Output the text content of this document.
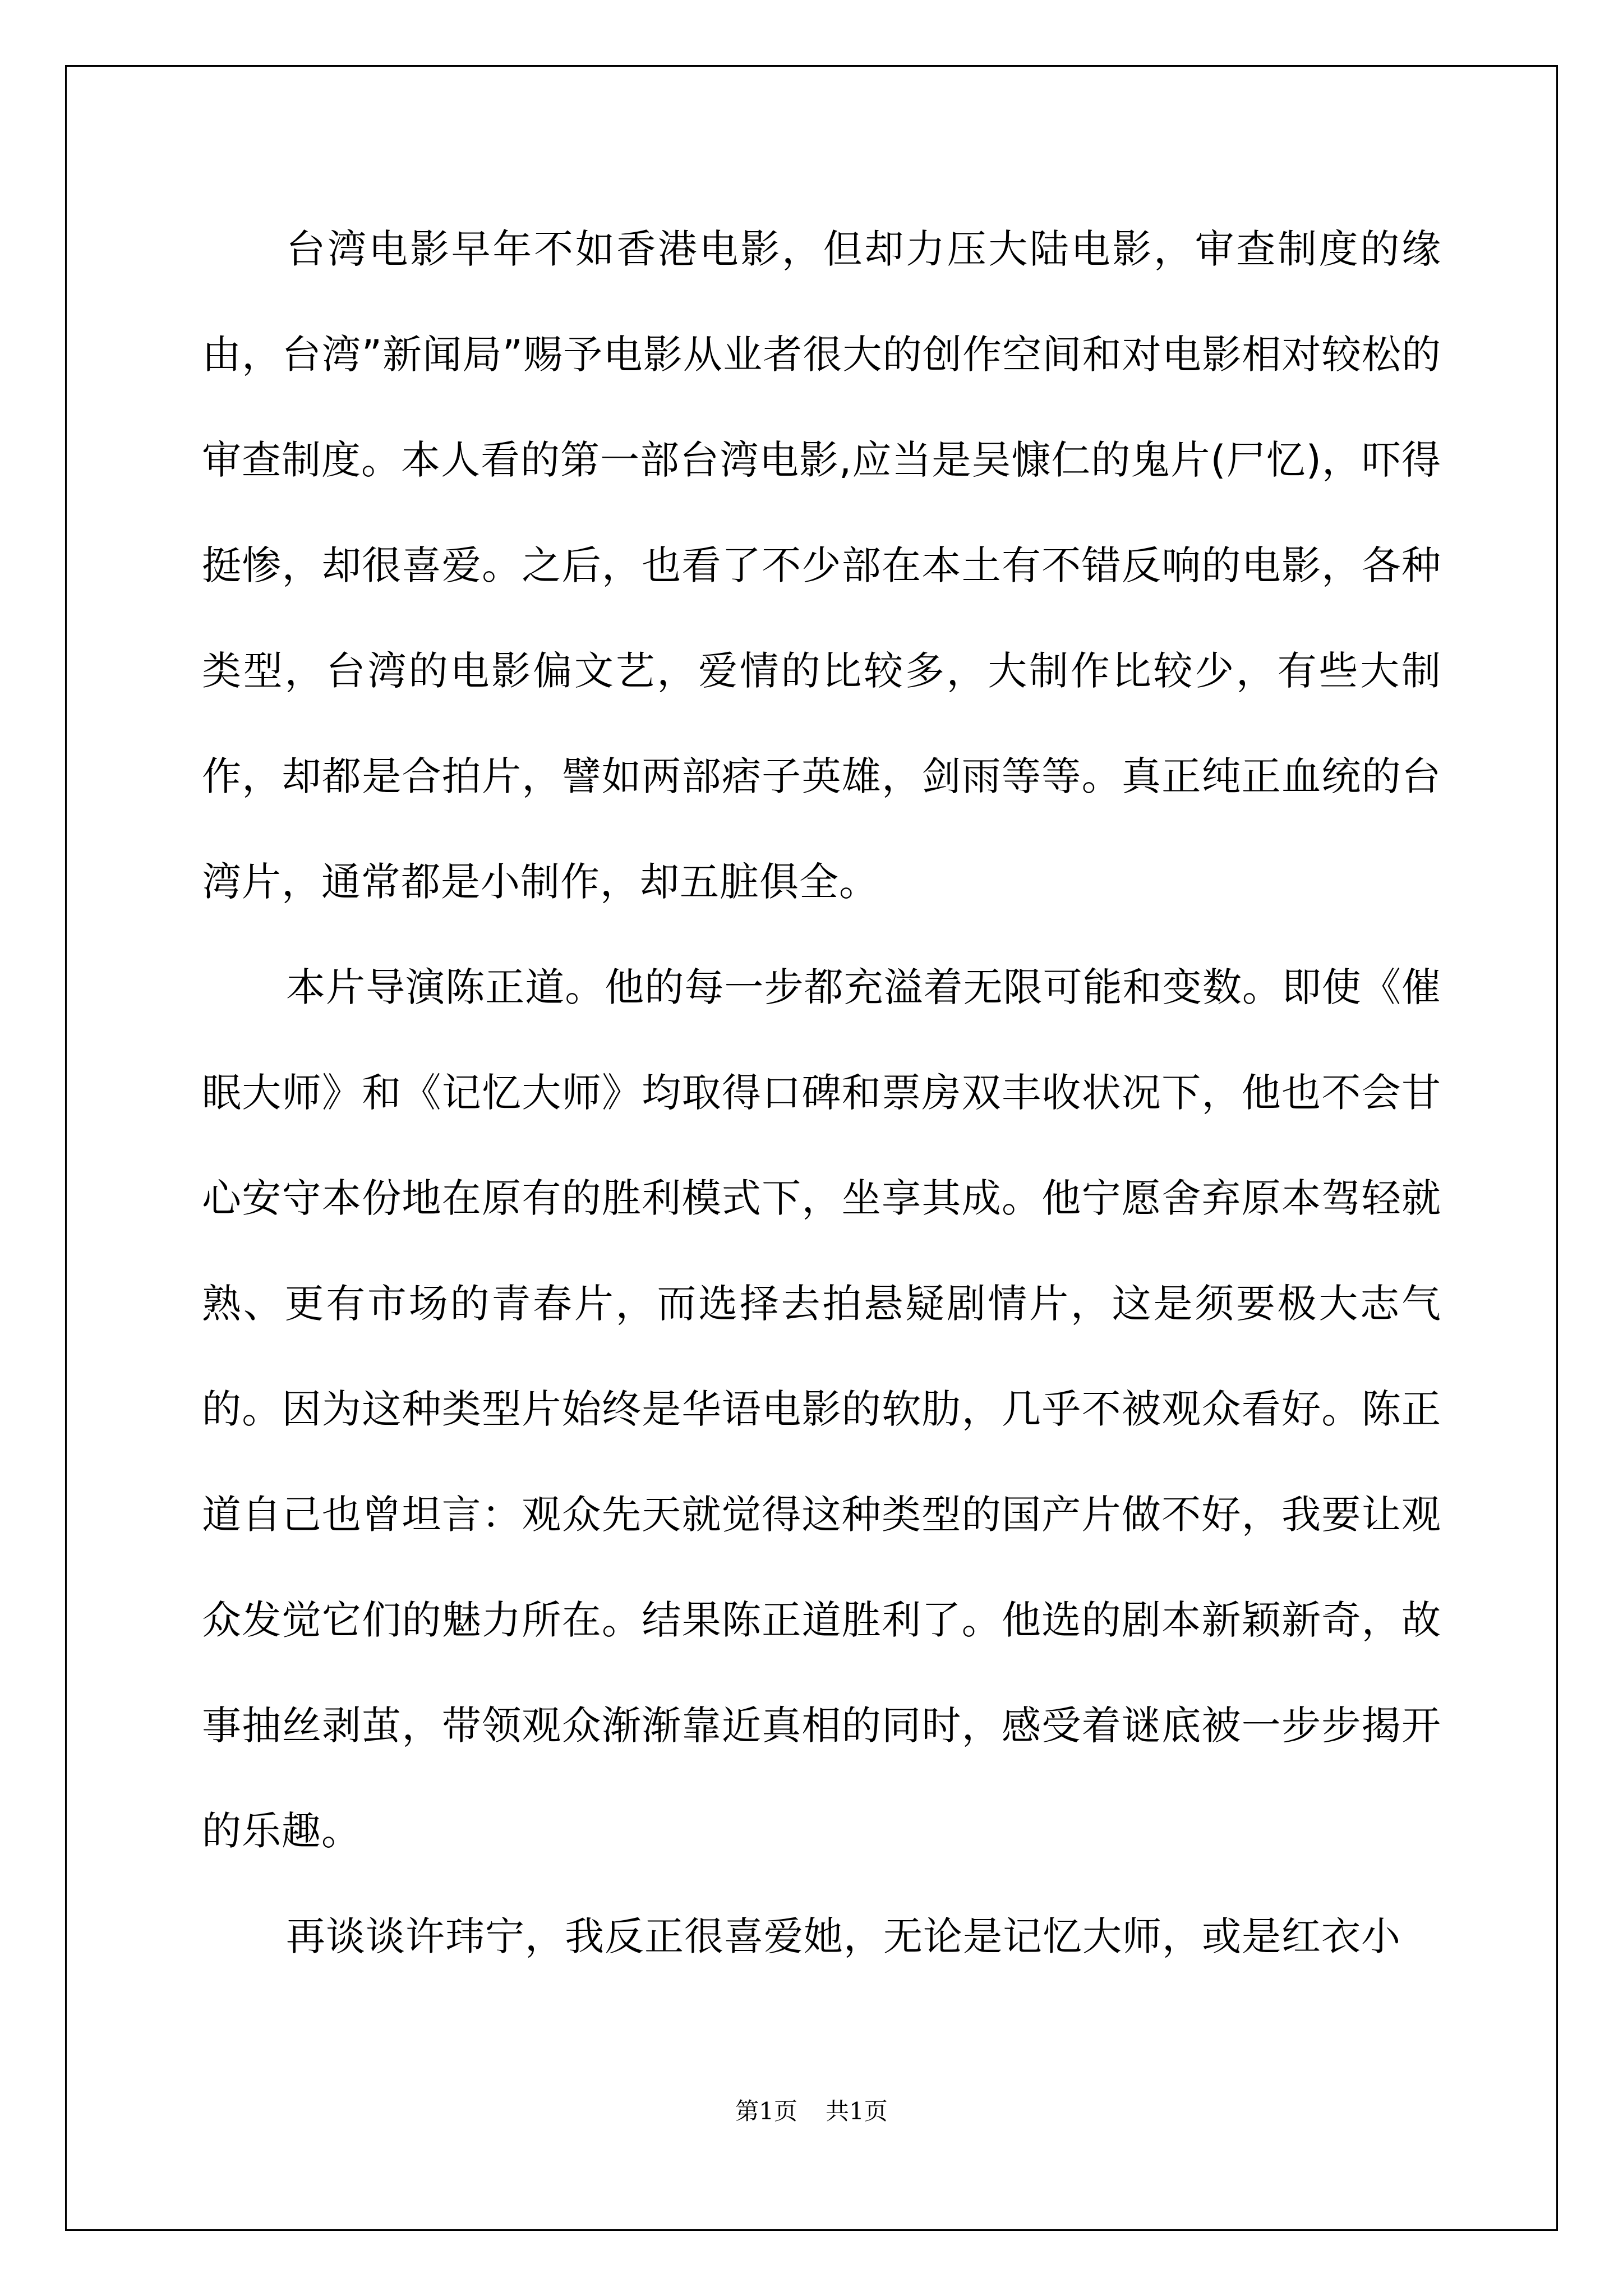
台湾电影早年不如香港电影，但却力压大陆电影，审查制度的缘由，台湾”新闻局”赐予电影从业者很大的创作空间和对电影相对较松的审查制度。本人看的第一部台湾电影,应当是吴慷仁的鬼片(尸忆)，吓得挺惨，却很喜爱。之后，也看了不少部在本土有不错反响的电影，各种类型，台湾的电影偏文艺，爱情的比较多，大制作比较少，有些大制作，却都是合拍片，譬如两部痞子英雄，剑雨等等。真正纯正血统的台湾片，通常都是小制作，却五脏俱全。

本片导演陈正道。他的每一步都充溢着无限可能和变数。即使《催眠大师》和《记忆大师》均取得口碑和票房双丰收状况下，他也不会甘心安守本份地在原有的胜利模式下，坐享其成。他宁愿舍弃原本驾轻就熟、更有市场的青春片，而选择去拍悬疑剧情片，这是须要极大志气的。因为这种类型片始终是华语电影的软肋，几乎不被观众看好。陈正道自己也曾坦言：观众先天就觉得这种类型的国产片做不好，我要让观众发觉它们的魅力所在。结果陈正道胜利了。他选的剧本新颖新奇，故事抽丝剥茧，带领观众渐渐靠近真相的同时，感受着谜底被一步步揭开的乐趣。

再谈谈许玮宁，我反正很喜爱她，无论是记忆大师，或是红衣小

第1页 共1页
